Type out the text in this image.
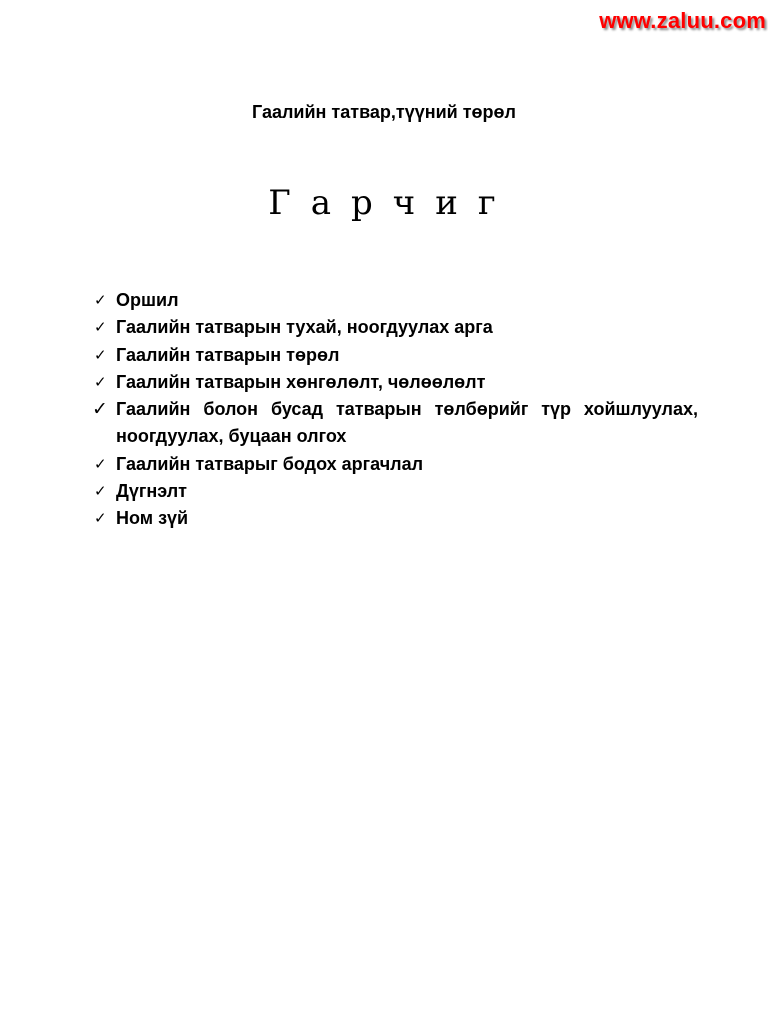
www.zaluu.com
Гаалийн татвар,түүний төрөл
Гарчиг
✓ Оршил
✓ Гаалийн татварын тухай, ноогдуулах арга
✓ Гаалийн татварын төрөл
✓ Гаалийн татварын хөнгөлөлт, чөлөөлөлт
✓ Гаалийн болон бусад татварын төлбөрийг түр хойшлуулах, ноогдуулах, буцаан олгох
✓ Гаалийн татварыг бодох аргачлал
✓ Дүгнэлт
✓ Ном зүй
